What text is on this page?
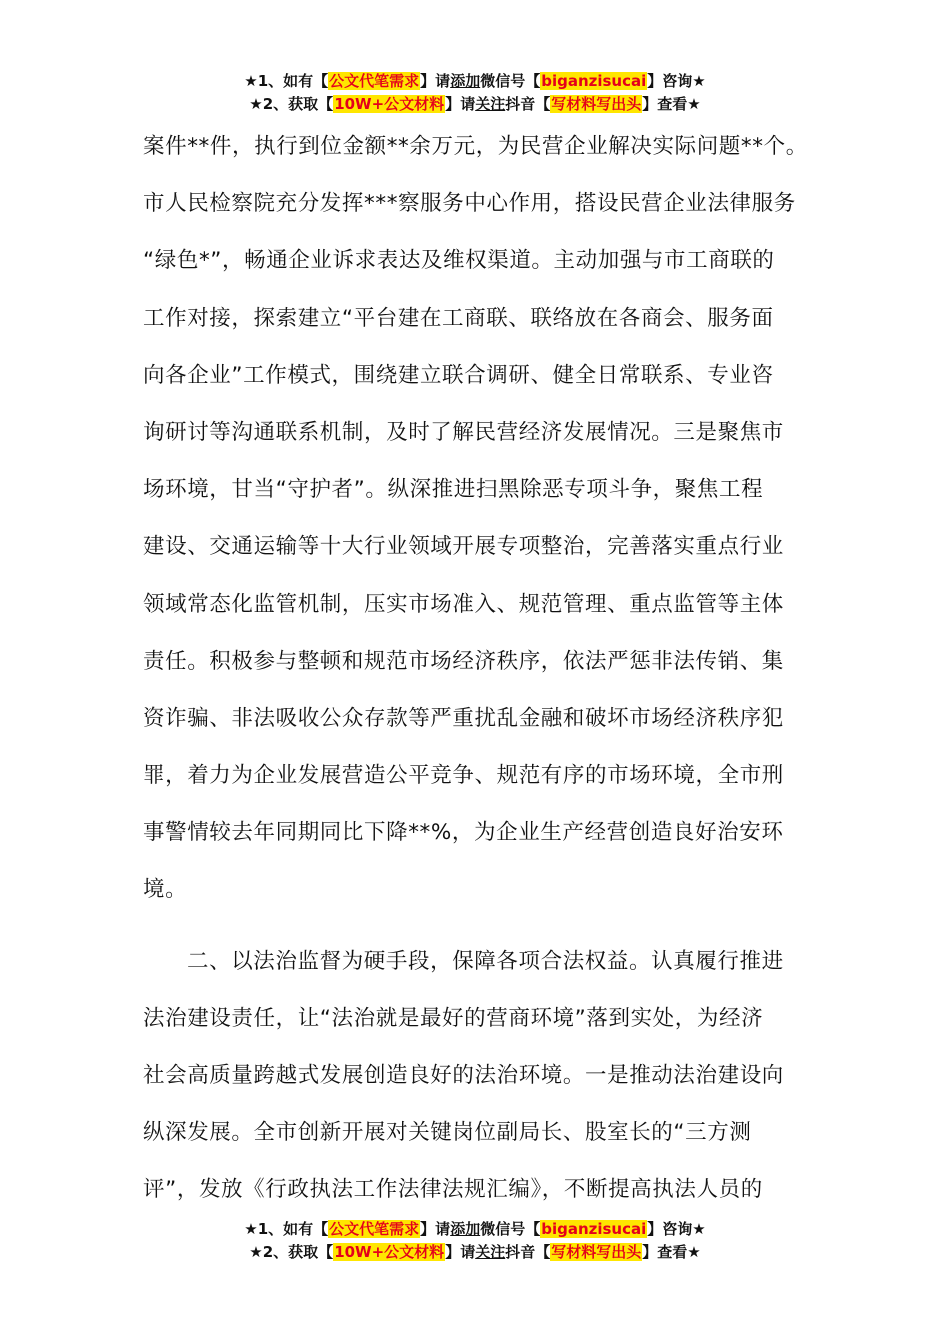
★1、如有【公文代笔需求】请添加微信号【biganzisucai】咨询★
★2、获取【10W+公文材料】请关注抖音【写材料写出头】查看★
案件**件，执行到位金额**余万元，为民营企业解决实际问题**个。
市人民检察院充分发挥***察服务中心作用，搭设民营企业法律服务
“绿色*”，畅通企业诉求表达及维权渠道。主动加强与市工商联的
工作对接，探索建立“平台建在工商联、联络放在各商会、服务面
向各企业”工作模式，围绕建立联合调研、健全日常联系、专业咨
询研讨等沟通联系机制，及时了解民营经济发展情况。三是聚焦市
场环境，甘当“守护者”。纵深推进扫黑除恶专项斗争，聚焦工程
建设、交通运输等十大行业领域开展专项整治，完善落实重点行业
领域常态化监管机制，压实市场准入、规范管理、重点监管等主体
责任。积极参与整顿和规范市场经济秩序，依法严惩非法传销、集
资诈骗、非法吸收公众存款等严重扰乱金融和破坏市场经济秩序犯
罪，着力为企业发展营造公平竞争、规范有序的市场环境，全市刑
事警情较去年同期同比下降**%，为企业生产经营创造良好治安环
境。
二、以法治监督为硬手段，保障各项合法权益。认真履行推进
法治建设责任，让“法治就是最好的营商环境”落到实处，为经济
社会高质量跨越式发展创造良好的法治环境。一是推动法治建设向
纵深发展。全市创新开展对关键岗位副局长、股室长的“三方测
评”，发放《行政执法工作法律法规汇编》，不断提高执法人员的
★1、如有【公文代笔需求】请添加微信号【biganzisucai】咨询★
★2、获取【10W+公文材料】请关注抖音【写材料写出头】查看★
